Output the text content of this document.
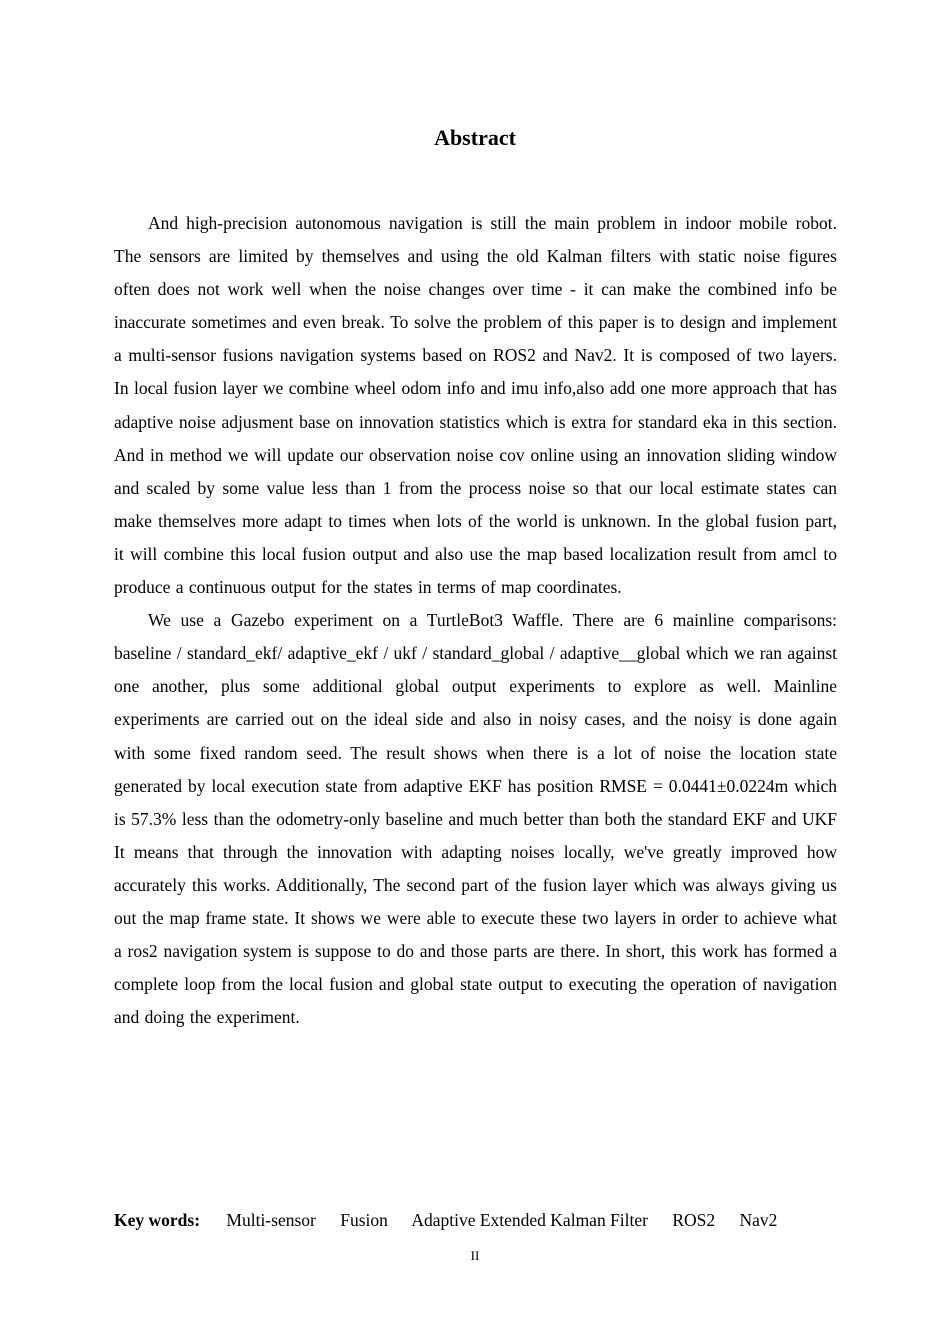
Abstract

And high-precision autonomous navigation is still the main problem in indoor mobile robot. The sensors are limited by themselves and using the old Kalman filters with static noise figures often does not work well when the noise changes over time - it can make the combined info be inaccurate sometimes and even break. To solve the problem of this paper is to design and implement a multi-sensor fusions navigation systems based on ROS2 and Nav2. It is composed of two layers. In local fusion layer we combine wheel odom info and imu info,also add one more approach that has adaptive noise adjusment base on innovation statistics which is extra for standard eka in this section. And in method we will update our observation noise cov online using an innovation sliding window and scaled by some value less than 1 from the process noise so that our local estimate states can make themselves more adapt to times when lots of the world is unknown. In the global fusion part, it will combine this local fusion output and also use the map based localization result from amcl to produce a continuous output for the states in terms of map coordinates.

We use a Gazebo experiment on a TurtleBot3 Waffle. There are 6 mainline comparisons: baseline / standard_ekf/ adaptive_ekf / ukf / standard_global / adaptive__global which we ran against one another, plus some additional global output experiments to explore as well. Mainline experiments are carried out on the ideal side and also in noisy cases, and the noisy is done again with some fixed random seed. The result shows when there is a lot of noise the location state generated by local execution state from adaptive EKF has position RMSE = 0.0441±0.0224m which is 57.3% less than the odometry-only baseline and much better than both the standard EKF and UKF It means that through the innovation with adapting noises locally, we've greatly improved how accurately this works. Additionally, The second part of the fusion layer which was always giving us out the map frame state. It shows we were able to execute these two layers in order to achieve what a ros2 navigation system is suppose to do and those parts are there. In short, this work has formed a complete loop from the local fusion and global state output to executing the operation of navigation and doing the experiment.

Key words: Multi-sensor Fusion Adaptive Extended Kalman Filter ROS2 Nav2
II
